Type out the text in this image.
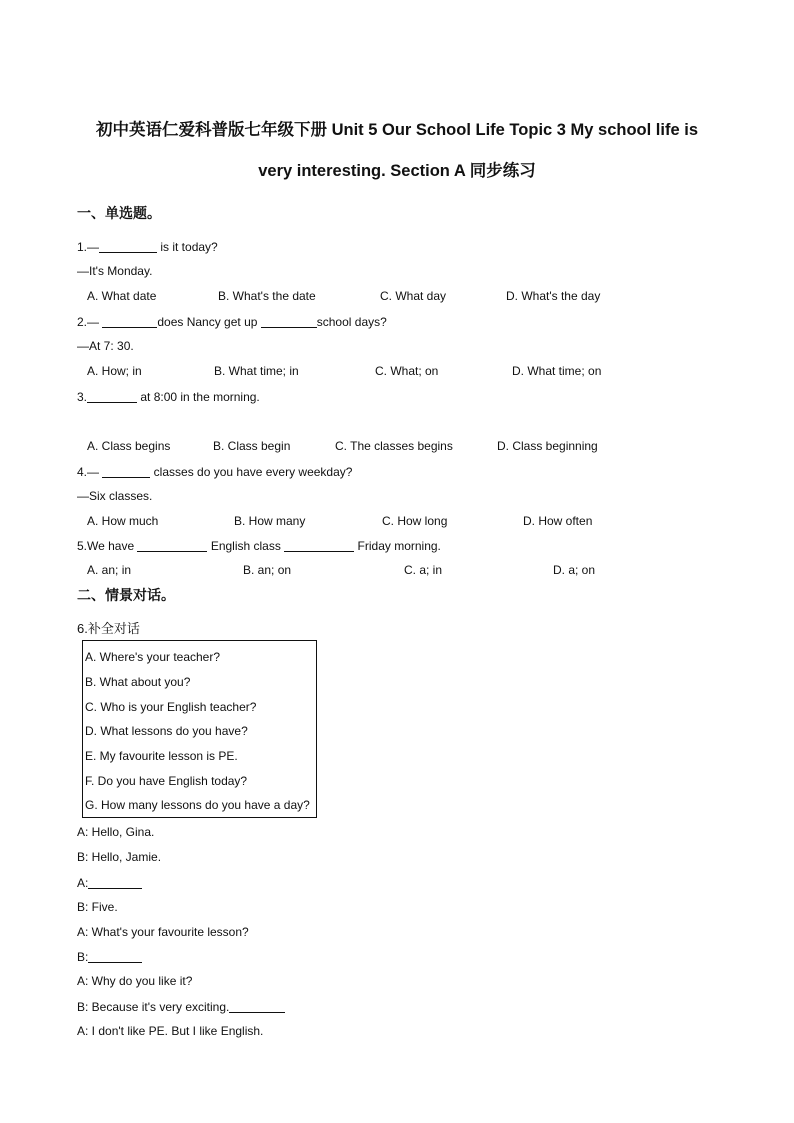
初中英语仁爱科普版七年级下册 Unit 5 Our School Life Topic 3 My school life is
very interesting. Section A 同步练习
一、单选题。
1.—	is it today?
—It's Monday.
A. What date	B. What's the date	C. What day	D. What's the day
2.—	does Nancy get up	school days?
—At 7: 30.
A. How; in	B. What time; in	C. What; on	D. What time; on
3.	at 8:00 in the morning.
A. Class begins	B. Class begin	C. The classes begins	D. Class beginning
4.—	classes do you have every weekday?
—Six classes.
A. How much	B. How many	C. How long	D. How often
5.We have	English class	Friday morning.
A. an; in	B. an; on	C. a; in	D. a; on
二、情景对话。
6.补全对话
A. Where's your teacher?
B. What about you?
C. Who is your English teacher?
D. What lessons do you have?
E. My favourite lesson is PE.
F. Do you have English today?
G. How many lessons do you have a day?
A: Hello, Gina.
B: Hello, Jamie.
A:
B: Five.
A: What's your favourite lesson?
B:
A: Why do you like it?
B: Because it's very exciting.
A: I don't like PE. But I like English.
